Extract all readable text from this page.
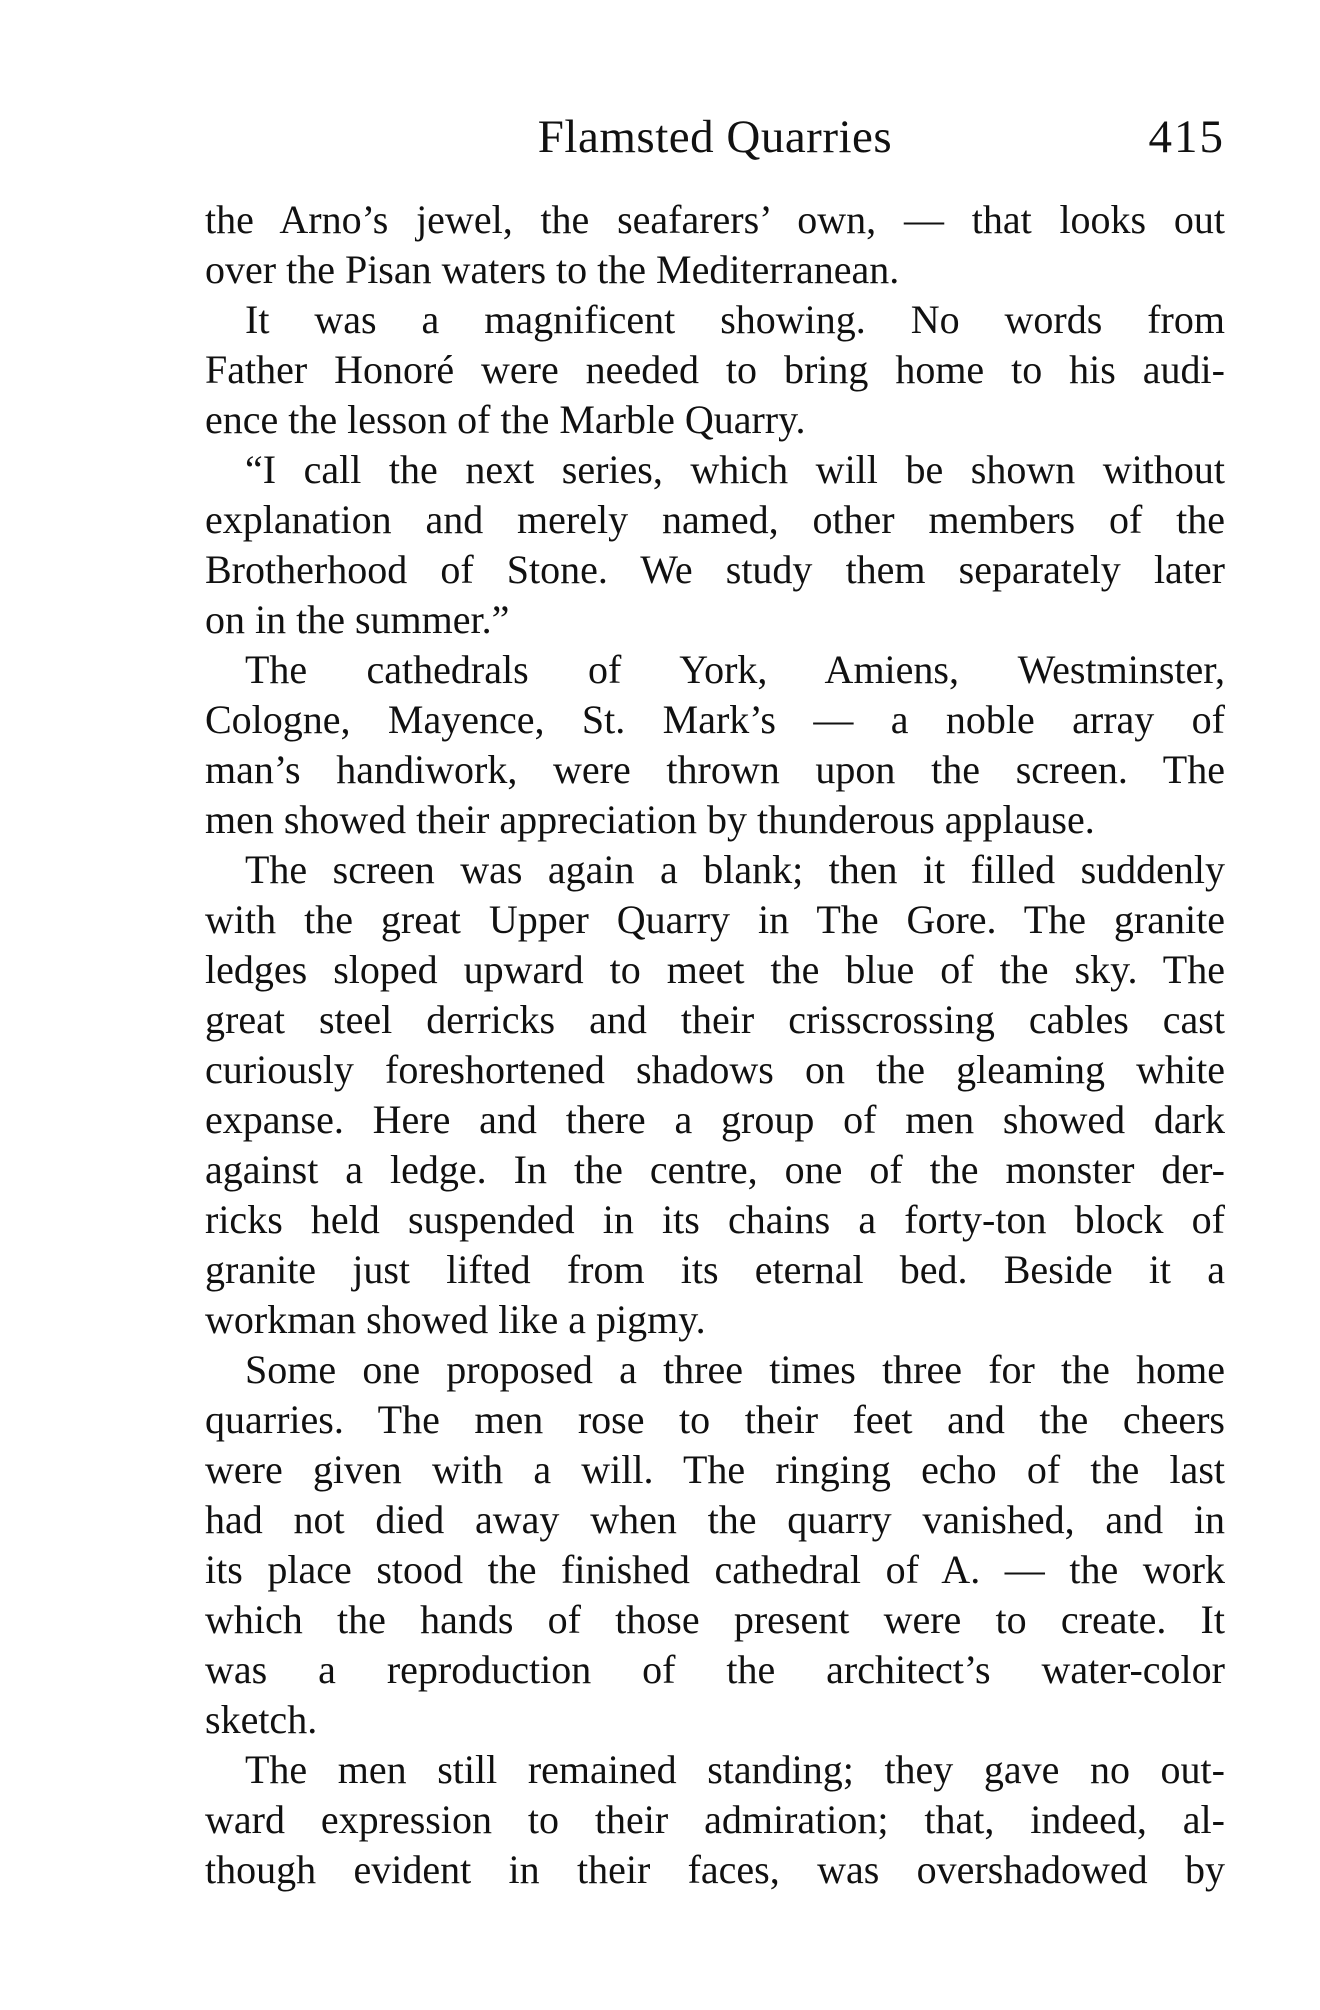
Flamsted Quarries	415
the Arno’s jewel, the seafarers’ own, — that looks out
over the Pisan waters to the Mediterranean.
It was a magnificent showing. No words from
Father Honoré were needed to bring home to his audi-
ence the lesson of the Marble Quarry.
“I call the next series, which will be shown without
explanation and merely named, other members of the
Brotherhood of Stone. We study them separately later
on in the summer.”
The cathedrals of York, Amiens, Westminster,
Cologne, Mayence, St. Mark’s — a noble array of
man’s handiwork, were thrown upon the screen. The
men showed their appreciation by thunderous applause.
The screen was again a blank; then it filled suddenly
with the great Upper Quarry in The Gore. The granite
ledges sloped upward to meet the blue of the sky. The
great steel derricks and their crisscrossing cables cast
curiously foreshortened shadows on the gleaming white
expanse. Here and there a group of men showed dark
against a ledge. In the centre, one of the monster der-
ricks held suspended in its chains a forty-ton block of
granite just lifted from its eternal bed. Beside it a
workman showed like a pigmy.
Some one proposed a three times three for the home
quarries. The men rose to their feet and the cheers
were given with a will. The ringing echo of the last
had not died away when the quarry vanished, and in
its place stood the finished cathedral of A. — the work
which the hands of those present were to create. It
was a reproduction of the architect’s water-color
sketch.
The men still remained standing; they gave no out-
ward expression to their admiration; that, indeed, al-
though evident in their faces, was overshadowed by
